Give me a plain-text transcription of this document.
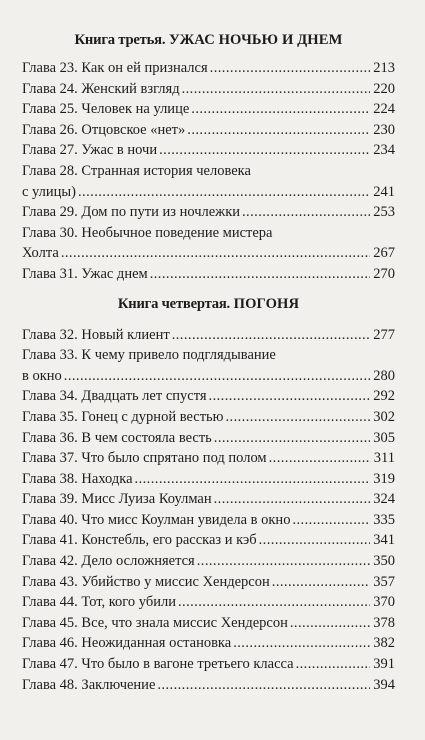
Книга третья. УЖАС НОЧЬЮ И ДНЕМ
Глава 23. Как он ей признался . . .	213
Глава 24. Женский взгляд . . .	220
Глава 25. Человек на улице . . .	224
Глава 26. Отцовское «нет» . . .	230
Глава 27. Ужас в ночи . . .	234
Глава 28. Странная история человека
с улицы) . . .	241
Глава 29. Дом по пути из ночлежки . . .	253
Глава 30. Необычное поведение мистера
Холта . . .	267
Глава 31. Ужас днем . . .	270
Книга четвертая. ПОГОНЯ
Глава 32. Новый клиент . . .	277
Глава 33. К чему привело подглядывание
в окно . . .	280
Глава 34. Двадцать лет спустя . . .	292
Глава 35. Гонец с дурной вестью . . .	302
Глава 36. В чем состояла весть . . .	305
Глава 37. Что было спрятано под полом . . .	311
Глава 38. Находка . . .	319
Глава 39. Мисс Луиза Коулман . . .	324
Глава 40. Что мисс Коулман увидела в окно . . .	335
Глава 41. Констебль, его рассказ и кэб . . .	341
Глава 42. Дело осложняется . . .	350
Глава 43. Убийство у миссис Хендерсон . . .	357
Глава 44. Тот, кого убили . . .	370
Глава 45. Все, что знала миссис Хендерсон . . .	378
Глава 46. Неожиданная остановка . . .	382
Глава 47. Что было в вагоне третьего класса . . .	391
Глава 48. Заключение . . .	394
